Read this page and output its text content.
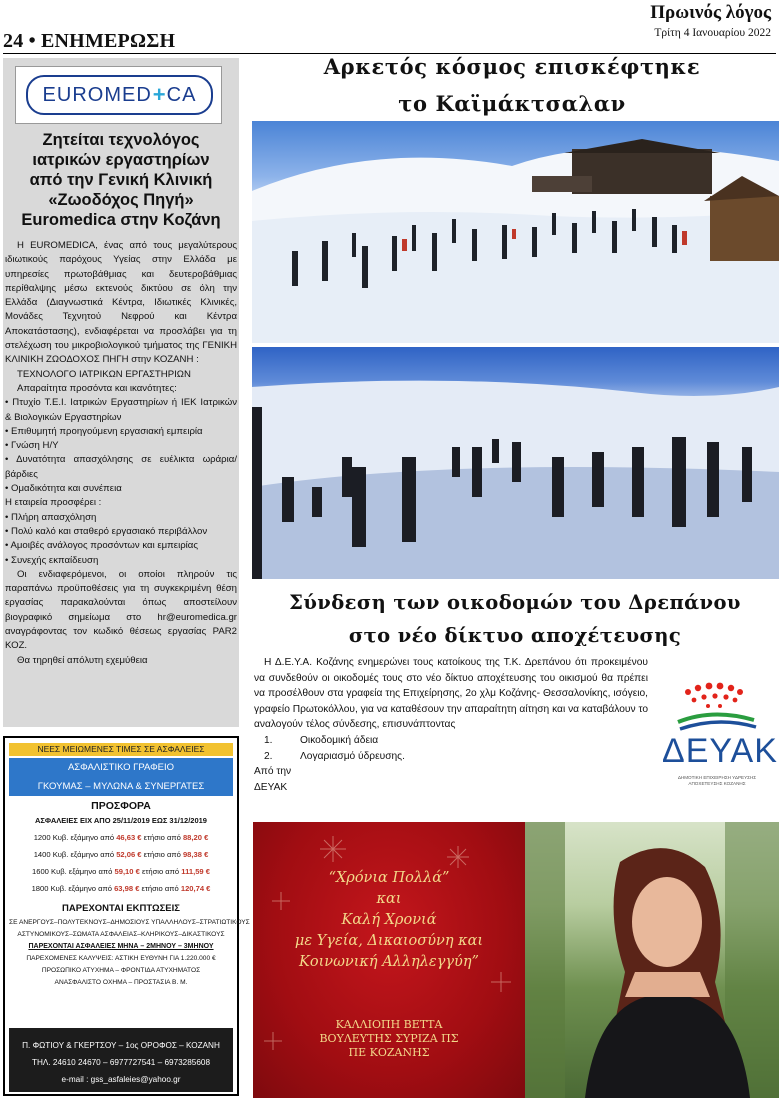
Πρωινός λόγος
Τρίτη 4 Ιανουαρίου 2022
24 • ΕΝΗΜΕΡΩΣΗ
EUROMED + CA
Ζητείται τεχνολόγος
ιατρικών εργαστηρίων
από την Γενική Κλινική
«Ζωοδόχος Πηγή»
Euromedica στην Κοζάνη

Η EUROMEDICA, ένας από τους μεγαλύτερους ιδιωτικούς παρόχους Υγείας στην Ελλάδα με υπηρεσίες πρωτοβάθμιας και δευτεροβάθμιας περίθαλψης μέσω εκτενούς δικτύου σε όλη την Ελλάδα (Διαγνωστικά Κέντρα, Ιδιωτικές Κλινικές, Μονάδες Τεχνητού Νεφρού και Κέντρα Αποκατάστασης), ενδιαφέρεται να προσλάβει για τη στελέχωση του μικροβιολογικού τμήματος της ΓΕΝΙΚΗ ΚΛΙΝΙΚΗ ΖΩΟΔΟΧΟΣ ΠΗΓΗ στην ΚΟΖΑΝΗ :

ΤΕΧΝΟΛΟΓΟ ΙΑΤΡΙΚΩΝ ΕΡΓΑΣΤΗΡΙΩΝ

Απαραίτητα προσόντα και ικανότητες:

• Πτυχίο Τ.Ε.Ι. Ιατρικών Εργαστηρίων ή ΙΕΚ Ιατρικών & Βιολογικών Εργαστηρίων

• Επιθυμητή προηγούμενη εργασιακή εμπειρία

• Γνώση Η/Υ

• Δυνατότητα απασχόλησης σε ευέλικτα ωράρια/βάρδιες

• Ομαδικότητα και συνέπεια

Η εταιρεία προσφέρει :

• Πλήρη απασχόληση

• Πολύ καλό και σταθερό εργασιακό περιβάλλον

• Αμοιβές ανάλογος προσόντων και εμπειρίας

• Συνεχής εκπαίδευση

Οι ενδιαφερόμενοι, οι οποίοι πληρούν τις παραπάνω προϋποθέσεις για τη συγκεκριμένη θέση εργασίας παρακαλούνται όπως αποστείλουν βιογραφικό σημείωμα στο hr@euromedica.gr αναγράφοντας τον κωδικό θέσεως εργασίας PAR2 ΚΟΖ.

Θα τηρηθεί απόλυτη εχεμύθεια

ΝΕΕΣ ΜΕΙΩΜΕΝΕΣ ΤΙΜΕΣ ΣΕ ΑΣΦΑΛΕΙΕΣ
ΑΣΦΑΛΙΣΤΙΚΟ ΓΡΑΦΕΙΟ
ΓΚΟΥΜΑΣ – ΜΥΛΩΝΑ & ΣΥΝΕΡΓΑΤΕΣ
ΠΡΟΣΦΟΡΑ
ΑΣΦΑΛΕΙΕΣ ΕΙΧ ΑΠΟ 25/11/2019 ΕΩΣ 31/12/2019
1200 Κυβ. εξάμηνο από 46,63 € ετήσιο από 88,20 €
1400 Κυβ. εξάμηνο από 52,06 € ετήσιο από 98,38 €
1600 Κυβ. εξάμηνο από 59,10 € ετήσιο από 111,59 €
1800 Κυβ. εξάμηνο από 63,98 € ετήσιο από 120,74 €
ΠΑΡΕΧΟΝΤΑΙ ΕΚΠΤΩΣΕΙΣ
ΣΕ ΑΝΕΡΓΟΥΣ–ΠΟΛΥΤΕΚΝΟΥΣ–ΔΗΜΟΣΙΟΥΣ ΥΠΑΛΛΗΛΟΥΣ–ΣΤΡΑΤΙΩΤΙΚΟΥΣ
ΑΣΤΥΝΟΜΙΚΟΥΣ–ΣΩΜΑΤΑ ΑΣΦΑΛΕΙΑΣ–ΚΛΗΡΙΚΟΥΣ–ΔΙΚΑΣΤΙΚΟΥΣ
ΠΑΡΕΧΟΝΤΑΙ ΑΣΦΑΛΕΙΕΣ ΜΗΝΑ – 2ΜΗΝΟΥ – 3ΜΗΝΟΥ
ΠΑΡΕΧΟΜΕΝΕΣ ΚΑΛΥΨΕΙΣ: ΑΣΤΙΚΗ ΕΥΘΥΝΗ ΓΙΑ 1.220.000 €
ΠΡΟΣΩΠΙΚΟ ΑΤΥΧΗΜΑ – ΦΡΟΝΤΙΔΑ ΑΤΥΧΗΜΑΤΟΣ
ΑΝΑΣΦΑΛΙΣΤΟ ΟΧΗΜΑ – ΠΡΟΣΤΑΣΙΑ Β. Μ.
Π. ΦΩΤΙΟΥ & ΓΚΕΡΤΣΟΥ – 1ος ΟΡΟΦΟΣ – ΚΟΖΑΝΗ
ΤΗΛ. 24610 24670 – 6977727541 – 6973285608
e-mail : gss_asfaleies@yahoo.gr
Αρκετός κόσμος επισκέφτηκε
το Καϊμάκτσαλαν
Σύνδεση των οικοδομών του Δρεπάνου
στο νέο δίκτυο αποχέτευσης

Η Δ.Ε.Υ.Α. Κοζάνης ενημερώνει τους κατοίκους της Τ.Κ. Δρεπάνου ότι προκειμένου να συνδεθούν οι οικοδομές τους στο νέο δίκτυο αποχέτευσης του οικισμού θα πρέπει να προσέλθουν στα γραφεία της Επιχείρησης, 2ο χλμ Κοζάνης- Θεσσαλονίκης, ισόγειο, γραφείο Πρωτοκόλλου, για να καταθέσουν την απαραίτητη αίτηση και να καταβάλουν το αναλογούν τέλος σύνδεσης, επισυνάπτοντας

1.	Οικοδομική άδεια

2.	Λογαριασμό ύδρευσης.

Από την

ΔΕΥΑΚ

ΔΕΥΑΚ
ΔΗΜΟΤΙΚΗ ΕΠΙΧΕΙΡΗΣΗ ΥΔΡΕΥΣΗΣ ΑΠΟΧΕΤΕΥΣΗΣ ΚΟΖΑΝΗΣ
“Χρόνια Πολλά”
και
Καλή Χρονιά
με Υγεία, Δικαιοσύνη και
Κοινωνική Αλληλεγγύη”
ΚΑΛΛΙΟΠΗ ΒΕΤΤΑ
ΒΟΥΛΕΥΤΗΣ ΣΥΡΙΖΑ ΠΣ
ΠΕ ΚΟΖΑΝΗΣ
